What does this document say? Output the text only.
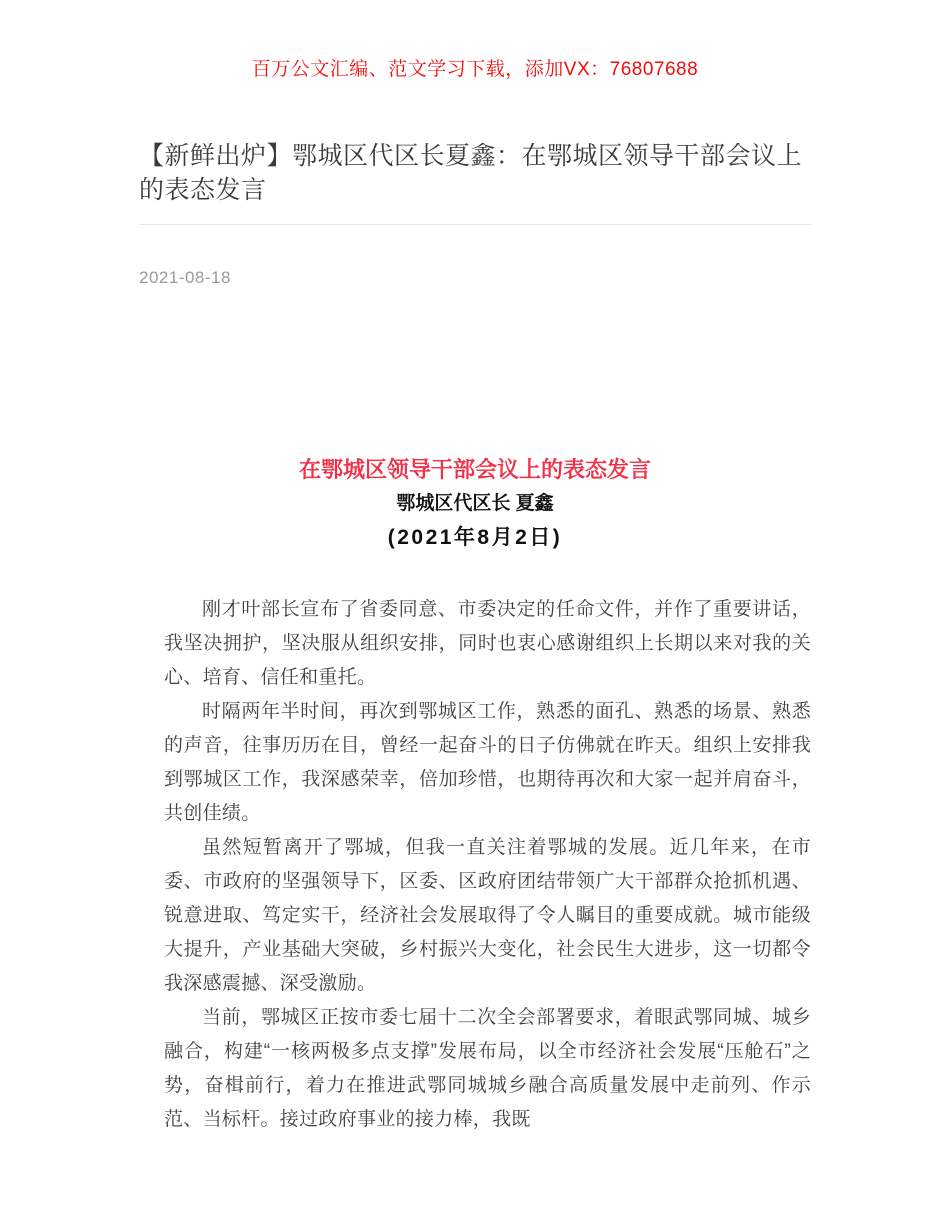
百万公文汇编、范文学习下载，添加VX：76807688
【新鲜出炉】鄂城区代区长夏鑫：在鄂城区领导干部会议上的表态发言
2021-08-18
在鄂城区领导干部会议上的表态发言
鄂城区代区长 夏鑫
(2021年8月2日)

刚才叶部长宣布了省委同意、市委决定的任命文件，并作了重要讲话，我坚决拥护，坚决服从组织安排，同时也衷心感谢组织上长期以来对我的关心、培育、信任和重托。

时隔两年半时间，再次到鄂城区工作，熟悉的面孔、熟悉的场景、熟悉的声音，往事历历在目，曾经一起奋斗的日子仿佛就在昨天。组织上安排我到鄂城区工作，我深感荣幸，倍加珍惜，也期待再次和大家一起并肩奋斗，共创佳绩。

虽然短暂离开了鄂城，但我一直关注着鄂城的发展。近几年来，在市委、市政府的坚强领导下，区委、区政府团结带领广大干部群众抢抓机遇、锐意进取、笃定实干，经济社会发展取得了令人瞩目的重要成就。城市能级大提升，产业基础大突破，乡村振兴大变化，社会民生大进步，这一切都令我深感震撼、深受激励。

当前，鄂城区正按市委七届十二次全会部署要求，着眼武鄂同城、城乡融合，构建“一核两极多点支撑”发展布局，以全市经济社会发展“压舱石”之势，奋楫前行，着力在推进武鄂同城城乡融合高质量发展中走前列、作示范、当标杆。接过政府事业的接力棒，我既
